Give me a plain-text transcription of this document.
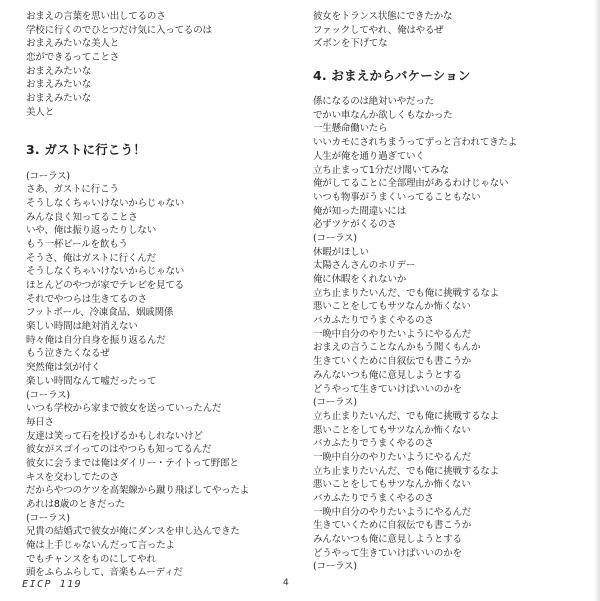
おまえの言葉を思い出してるのさ
学校に行くのでひとつだけ気に入ってるのは
おまえみたいな美人と
恋ができるってことさ
おまえみたいな
おまえみたいな
おまえみたいな
美人と
3. ガストに行こう！
(コーラス)
さあ、ガストに行こう
そうしなくちゃいけないからじゃない
みんな良く知ってることさ
いや、俺は振り返ったりしない
もう一杯ビールを飲もう
そうさ、俺はガストに行くんだ
そうしなくちゃいけないからじゃない
ほとんどのやつが家でテレビを見てる
それでやつらは生きてるのさ
フットボール、冷凍食品、姻戚関係
楽しい時間は絶対消えない
時々俺は自分自身を振り返るんだ
もう泣きたくなるぜ
突然俺は気が付く
楽しい時間なんて嘘だったって
(コーラス)
いつも学校から家まで彼女を送っていったんだ
毎日さ
友達は笑って石を投げるかもしれないけど
彼女がスゴイってのはやつらも知ってるんだ
彼女に会うまでは俺はダイリー・テイトって野郎と
キスを交わしてたのさ
だからやつのケツを高架線から蹴り飛ばしてやったよ
あれは8歳のときだった
(コーラス)
兄貴の結婚式で彼女が俺にダンスを申し込んできた
俺は上手じゃないんだって言ったよ
でもチャンスをものにしてやれ
頭をふらふらして、音楽もムーディだ
彼女をトランス状態にできたかな
ファックしてやれ、俺はやるぜ
ズボンを下げてな
4. おまえからバケーション
係になるのは絶対いやだった
でかい車なんか欲しくもなかった
一生懸命働いたら
いいカモにされちまうってずっと言われてきたよ
人生が俺を通り過ぎていく
立ち止まって1分だけ聞いてみな
俺がしてることに全部理由があるわけじゃない
いつも物事がうまくいってることもない
俺が知った間違いには
必ずツケがくるのさ
(コーラス)
休暇がほしい
太陽さんさんのホリデー
俺に休暇をくれないか
立ち止まりたいんだ、でも俺に挑戦するなよ
悪いことをしてもサツなんか怖くない
バカふたりでうまくやるのさ
一晩中自分のやりたいようにやるんだ
おまえの言うことなんかもう聞くもんか
生きていくために自叙伝でも書こうか
みんないつも俺に意見しようとする
どうやって生きていけばいいのかを
(コーラス)
立ち止まりたいんだ、でも俺に挑戦するなよ
悪いことをしてもサツなんか怖くない
バカふたりでうまくやるのさ
一晩中自分のやりたいようにやるんだ
立ち止まりたいんだ、でも俺に挑戦するなよ
悪いことをしてもサツなんか怖くない
バカふたりでうまくやるのさ
一晩中自分のやりたいようにやるんだ
生きていくために自叙伝でも書こうか
みんないつも俺に意見しようとする
どうやって生きていけばいいのかを
(コーラス)
EICP 119	4
